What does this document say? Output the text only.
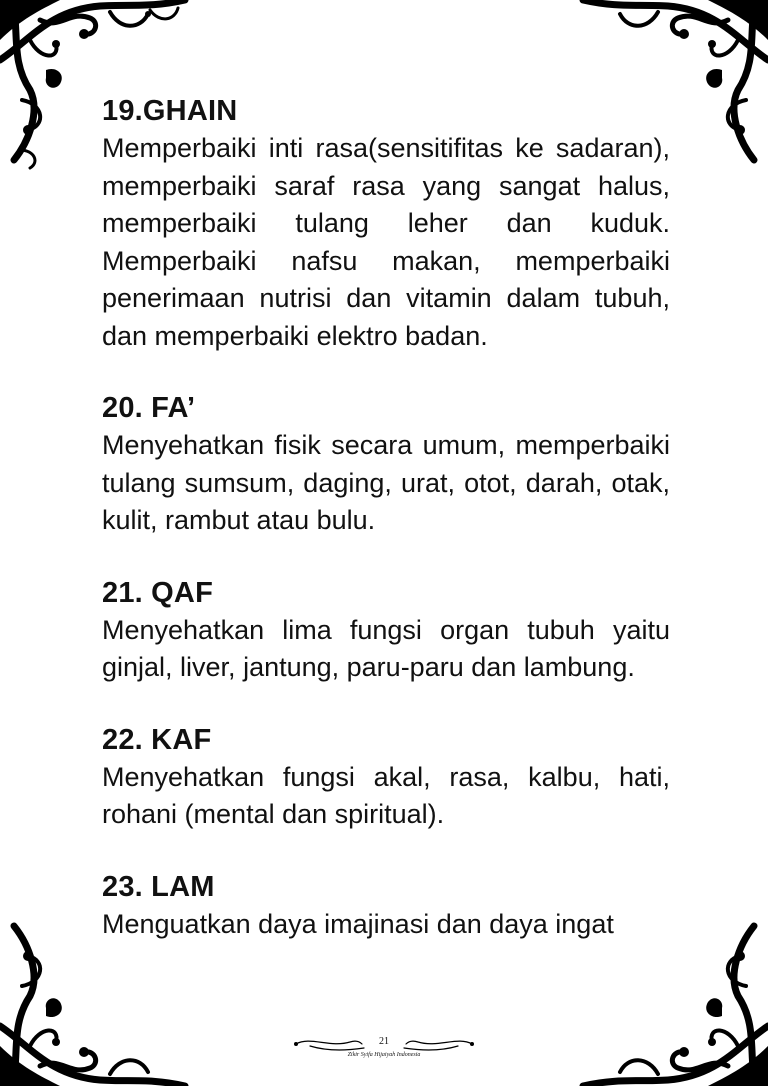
19.GHAIN

Memperbaiki inti rasa(sensitifitas ke sadaran), memperbaiki saraf rasa yang sangat halus, memperbaiki tulang leher dan kuduk. Memperbaiki nafsu makan, memperbaiki penerimaan nutrisi dan vitamin dalam tubuh, dan memperbaiki elektro badan.

20. FA’

Menyehatkan fisik secara umum, memperbaiki tulang sumsum, daging, urat, otot, darah, otak, kulit, rambut atau bulu.

21. QAF

Menyehatkan lima fungsi organ tubuh yaitu ginjal, liver, jantung, paru-paru dan lambung.

22. KAF

Menyehatkan fungsi akal, rasa, kalbu, hati, rohani (mental dan spiritual).

23. LAM

Menguatkan daya imajinasi dan daya ingat

21
Zikir Syifa Hijaiyah Indonesia
